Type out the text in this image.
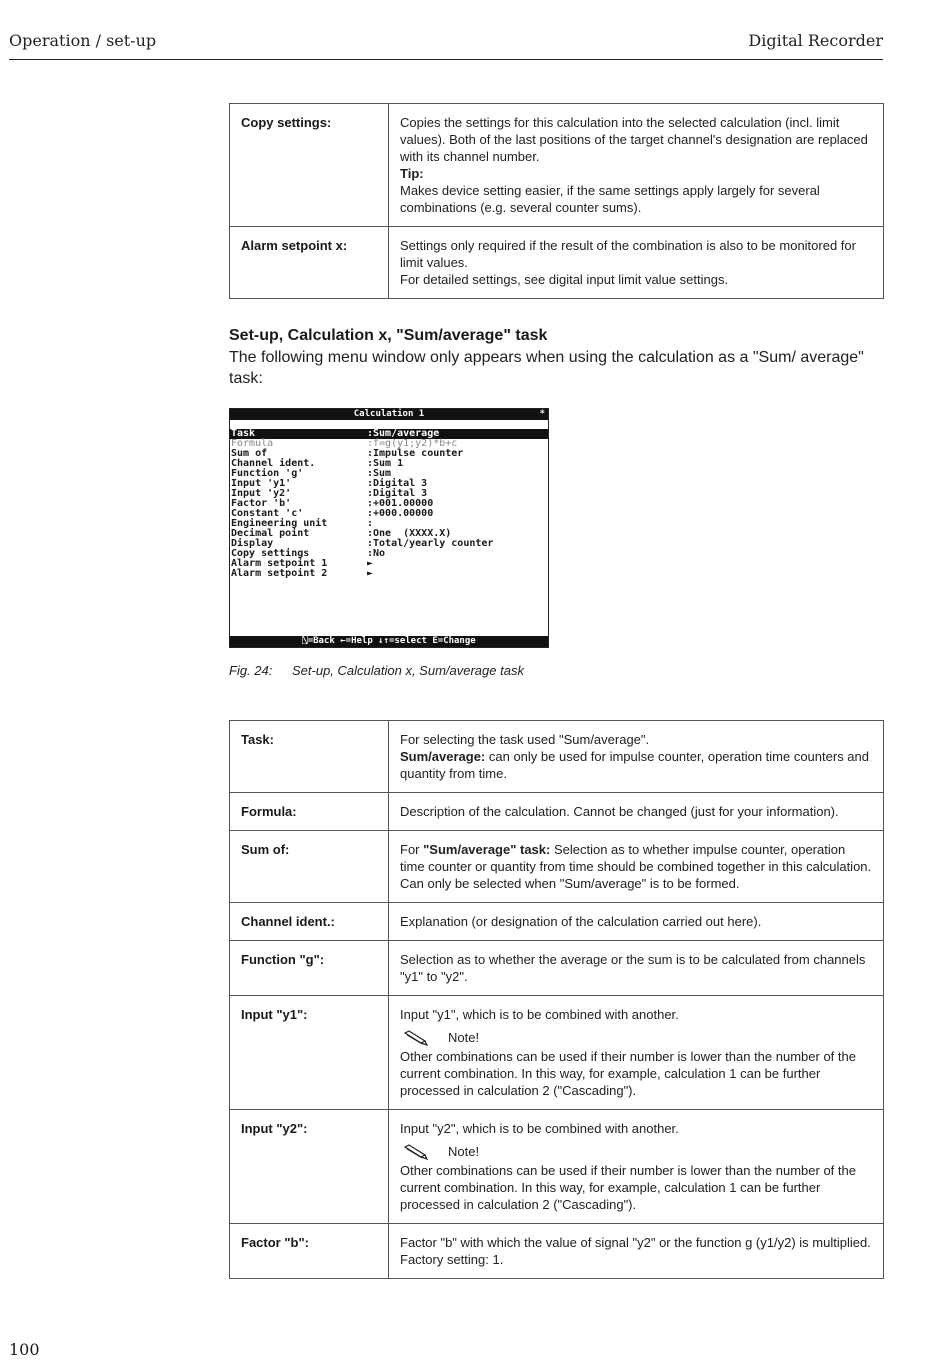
Operation / set-up	Digital Recorder
Copy settings:	Copies the settings for this calculation into the selected calculation (incl. limit values). Both of the last positions of the target channel's designation are replaced with its channel number.
Tip:
Makes device setting easier, if the same settings apply largely for several combinations (e.g. several counter sums).

Alarm setpoint x:	Settings only required if the result of the combination is also to be monitored for limit values.
For detailed settings, see digital input limit value settings.
Set-up, Calculation x, "Sum/average" task
The following menu window only appears when using the calculation as a "Sum/ average" task:
Calculation 1	*
Task	:Sum/average
Formula	:f=g(y1;y2)*b+c
Sum of	:Impulse counter
Channel ident.	:Sum 1
Function 'g'	:Sum
Input 'y1'	:Digital 3
Input 'y2'	:Digital 3
Factor 'b'	:+001.00000
Constant 'c'	:+000.00000
Engineering unit	:
Decimal point	:One  (XXXX.X)
Display	:Total/yearly counter
Copy settings	:No
Alarm setpoint 1	►
Alarm setpoint 2	►
⍂=Back ←=Help ↓↑=select E=Change
Fig. 24: Set-up, Calculation x, Sum/average task
Task:	For selecting the task used "Sum/average".
Sum/average: can only be used for impulse counter, operation time counters and quantity from time.

Formula:	Description of the calculation. Cannot be changed (just for your information).

Sum of:	For "Sum/average" task: Selection as to whether impulse counter, operation time counter or quantity from time should be combined together in this calculation.
Can only be selected when "Sum/average" is to be formed.

Channel ident.:	Explanation (or designation of the calculation carried out here).

Function "g":	Selection as to whether the average or the sum is to be calculated from channels "y1" to "y2".

Input "y1":	Input "y1", which is to be combined with another.
Note!
Other combinations can be used if their number is lower than the number of the current combination. In this way, for example, calculation 1 can be further processed in calculation 2 ("Cascading").

Input "y2":	Input "y2", which is to be combined with another.
Note!
Other combinations can be used if their number is lower than the number of the current combination. In this way, for example, calculation 1 can be further processed in calculation 2 ("Cascading").

Factor "b":	Factor "b" with which the value of signal "y2" or the function g (y1/y2) is multiplied.
Factory setting: 1.
100
